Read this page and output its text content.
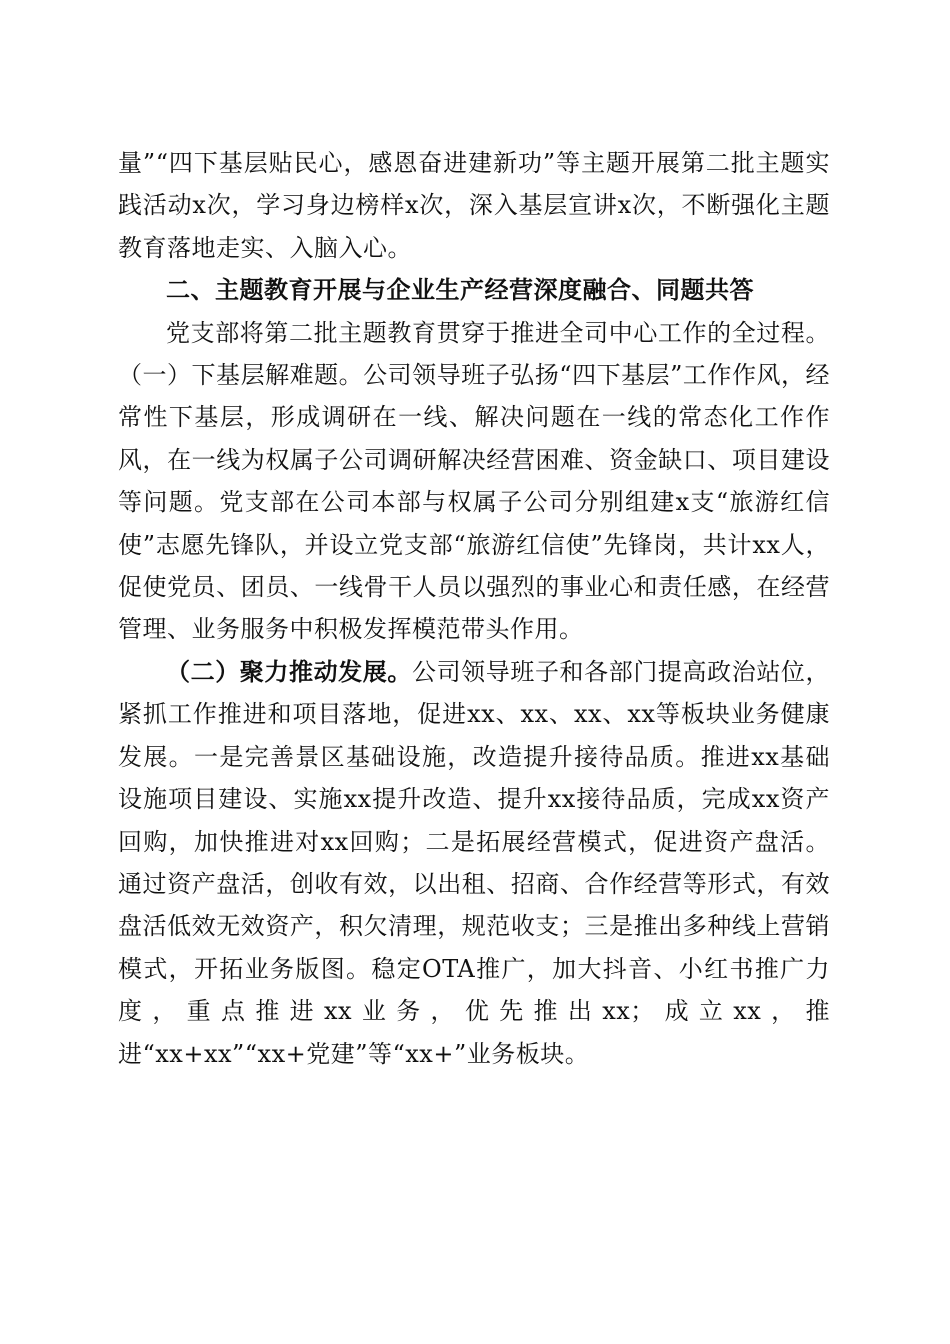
量”“四下基层贴民心，感恩奋进建新功”等主题开展第二批主题实践活动x次，学习身边榜样x次，深入基层宣讲x次，不断强化主题教育落地走实、入脑入心。

二、主题教育开展与企业生产经营深度融合、同题共答

党支部将第二批主题教育贯穿于推进全司中心工作的全过程。（一）下基层解难题。公司领导班子弘扬“四下基层”工作作风，经常性下基层，形成调研在一线、解决问题在一线的常态化工作作风，在一线为权属子公司调研解决经营困难、资金缺口、项目建设等问题。党支部在公司本部与权属子公司分别组建x支“旅游红信使”志愿先锋队，并设立党支部“旅游红信使”先锋岗，共计xx人，促使党员、团员、一线骨干人员以强烈的事业心和责任感，在经营管理、业务服务中积极发挥模范带头作用。

（二）聚力推动发展。公司领导班子和各部门提高政治站位，紧抓工作推进和项目落地，促进xx、xx、xx、xx等板块业务健康发展。一是完善景区基础设施，改造提升接待品质。推进xx基础设施项目建设、实施xx提升改造、提升xx接待品质，完成xx资产回购，加快推进对xx回购；二是拓展经营模式，促进资产盘活。通过资产盘活，创收有效，以出租、招商、合作经营等形式，有效盘活低效无效资产，积欠清理，规范收支；三是推出多种线上营销模式，开拓业务版图。稳定OTA推广，加大抖音、小红书推广力度，重点推进xx业务，优先推出xx；成立xx，推进“xx+xx”“xx+党建”等“xx+”业务板块。
